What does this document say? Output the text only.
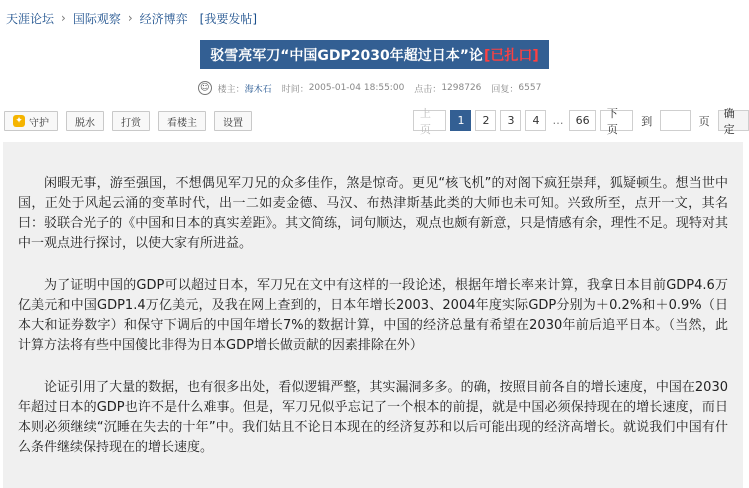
天涯论坛 › 国际观察 › 经济博弈 [我要发帖]
驳雪亮军刀“中国GDP2030年超过日本”论 [已扎口]
☺ 楼主： 海木石 时间： 2005-01-04 18:55:00 点击： 1298726 回复： 6557
✦ 守护	脱水	打赏	看楼主	设置
上页
1	2	3	4	…	66
下页
到	页
确定

闲暇无事，游至强国，不想偶见军刀兄的众多佳作，煞是惊奇。更见“核飞机”的对阁下疯狂崇拜，狐疑顿生。想当世中国，正处于风起云涌的变革时代，出一二如麦金德、马汉、布热津斯基此类的大师也未可知。兴致所至，点开一文，其名曰：驳联合光子的《中国和日本的真实差距》。其文简练，词句顺达，观点也颇有新意，只是情感有余，理性不足。现特对其中一观点进行探讨，以使大家有所进益。

为了证明中国的GDP可以超过日本，军刀兄在文中有这样的一段论述，根据年增长率来计算，我拿日本目前GDP4.6万亿美元和中国GDP1.4万亿美元，及我在网上查到的，日本年增长2003、2004年度实际GDP分别为＋0.2%和＋0.9%（日本大和证券数字）和保守下调后的中国年增长7%的数据计算，中国的经济总量有希望在2030年前后追平日本。（当然，此计算方法将有些中国傻比非得为日本GDP增长做贡献的因素排除在外）

论证引用了大量的数据，也有很多出处，看似逻辑严整，其实漏洞多多。的确，按照目前各自的增长速度，中国在2030年超过日本的GDP也许不是什么难事。但是，军刀兄似乎忘记了一个根本的前提，就是中国必须保持现在的增长速度，而日本则必须继续“沉睡在失去的十年”中。我们姑且不论日本现在的经济复苏和以后可能出现的经济高增长。就说我们中国有什么条件继续保持现在的增长速度。
